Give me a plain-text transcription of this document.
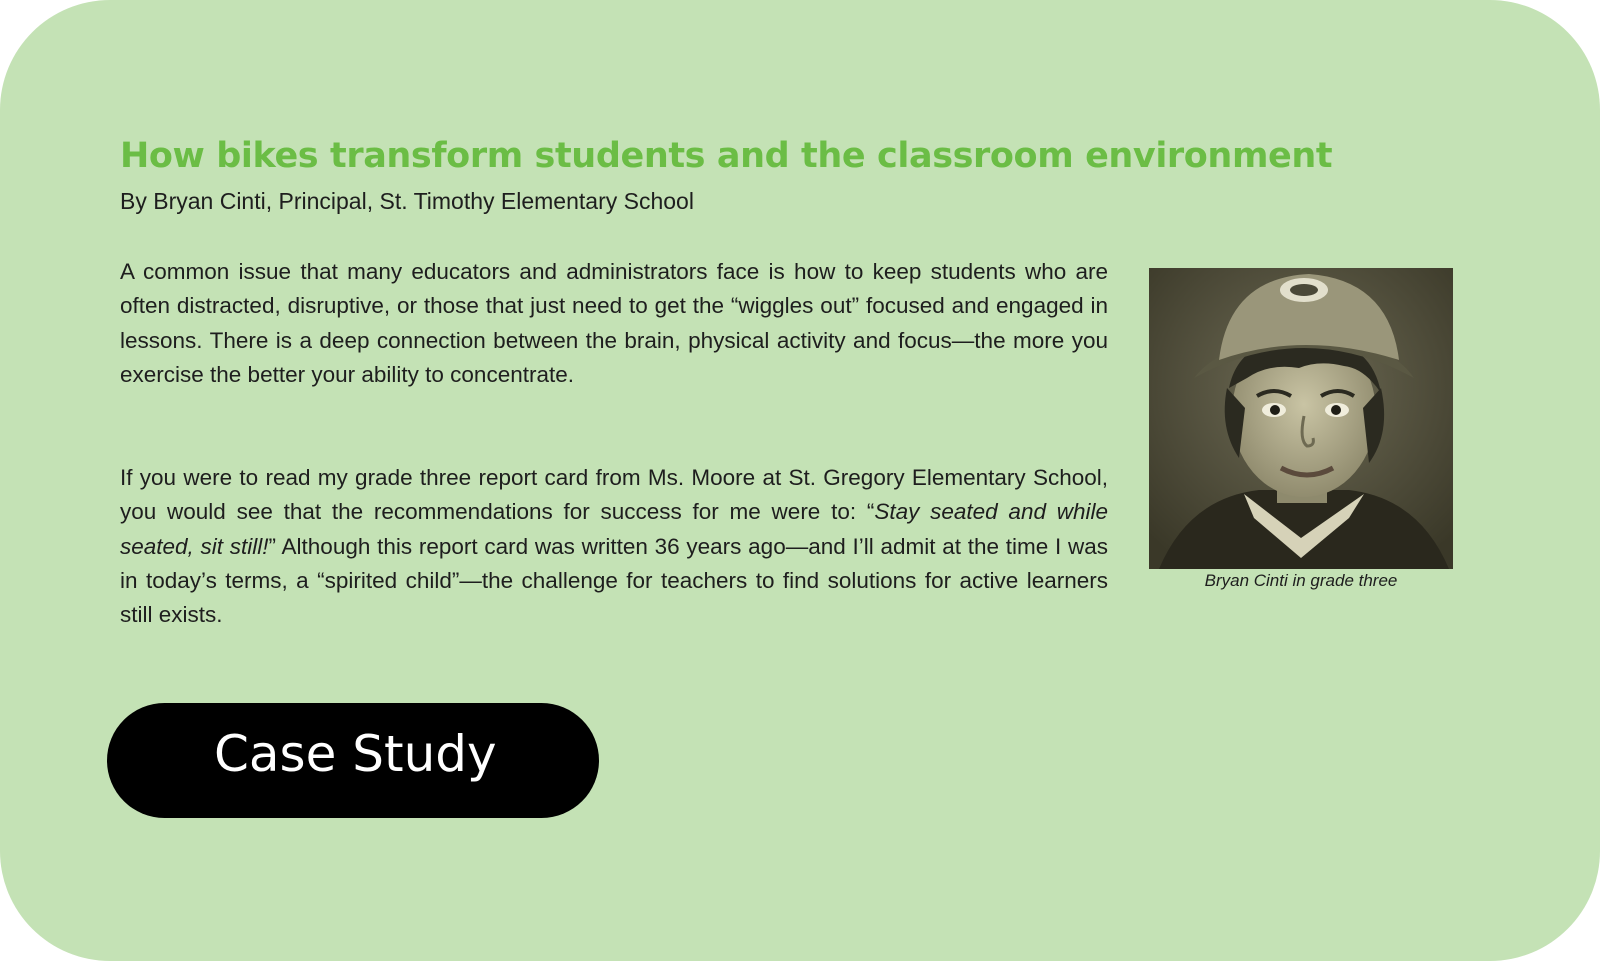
How bikes transform students and the classroom environment

By Bryan Cinti, Principal, St. Timothy Elementary School

A common issue that many educators and administrators face is how to keep students who are often distracted, disruptive, or those that just need to get the “wiggles out” focused and engaged in lessons. There is a deep connection between the brain, physical activity and focus—the more you exercise the better your ability to concentrate.

If you were to read my grade three report card from Ms. Moore at St. Gregory Elementary School, you would see that the recommendations for success for me were to: “Stay seated and while seated, sit still!” Although this report card was written 36 years ago—and I’ll admit at the time I was in today’s terms, a “spirited child”—the challenge for teachers to find solutions for active learners still exists.

Bryan Cinti in grade three

Case Study
